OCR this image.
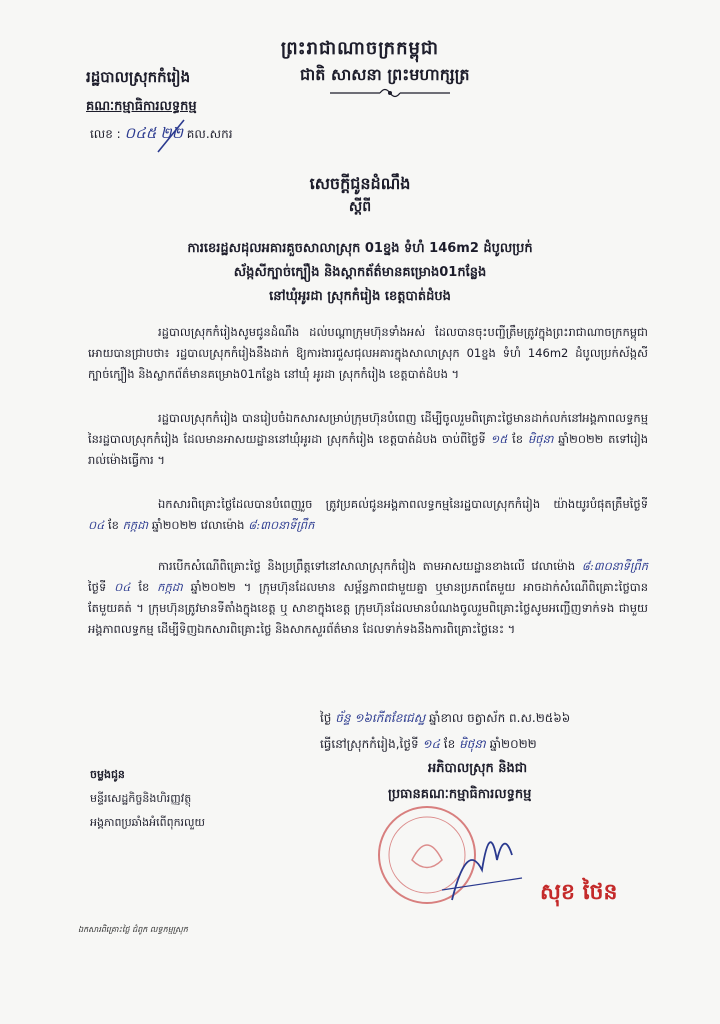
ព្រះរាជាណាចក្រកម្ពុជា
រដ្ឋបាលស្រុកកំរៀង	ជាតិ សាសនា ព្រះមហាក្សត្រ
គណៈកម្មាធិការលទ្ធកម្ម
លេខ : ០៤៥ ២២ គល.សករ
សេចក្តីជូនដំណឹង
ស្តីពី
ការខេរដ្ឋសដុលអគារគួចសាលាស្រុក 01ខ្នង ទំហំ 146m2 ដំបូលប្រក់
ស័ង្កសីក្បាច់ក្បឿង និងស្តាកត័ត៌មានគម្រោង01កន្លែង
នៅឃុំអូរដា ស្រុកកំរៀង ខេត្តបាត់ដំបង

រដ្ឋបាលស្រុកកំរៀងសូមជូនដំណឹង ដល់បណ្តាក្រុមហ៊ុនទាំងអស់ ដែលបានចុះបញ្ជីត្រឹមត្រូវក្នុងព្រះរាជាណាចក្រកម្ពុជាអោយបានជ្រាបថា៖ រដ្ឋបាលស្រុកកំរៀងនឹងដាក់ ឱ្យការងារជួសជុលអគារក្នុងសាលាស្រុក 01ខ្នង ទំហំ 146m2 ដំបូលប្រក់ស័ង្កសីក្បាច់ក្បឿង និងស្លាកព័ត៌មានគម្រោង01កន្លែង នៅឃុំ អូរដា ស្រុកកំរៀង ខេត្តបាត់ដំបង ។

រដ្ឋបាលស្រុកកំរៀង បានរៀបចំឯកសារសម្រាប់ក្រុមហ៊ុនបំពេញ ដើម្បីចូលរួមពិគ្រោះថ្លៃមានដាក់លក់នៅអង្គភាពលទ្ធកម្មនៃរដ្ឋបាលស្រុកកំរៀង ដែលមានអាសយដ្ឋាននៅឃុំអូរដា ស្រុកកំរៀង ខេត្តបាត់ដំបង ចាប់ពីថ្ងៃទី ១៥ ខែ មិថុនា ឆ្នាំ២០២២ តទៅរៀងរាល់ម៉ោងធ្វើការ ។

ឯកសារពិគ្រោះថ្លៃដែលបានបំពេញរួច ត្រូវប្រគល់ជូនអង្គភាពលទ្ធកម្មនៃរដ្ឋបាលស្រុកកំរៀង យ៉ាងយូរបំផុតត្រឹមថ្ងៃទី ០៤ ខែ កក្កដា ឆ្នាំ២០២២ វេលាម៉ោង ៨:៣០នាទីព្រឹក

ការបើកសំណើពិគ្រោះថ្លៃ និងប្រព្រឹត្តទៅនៅសាលាស្រុកកំរៀង តាមអាសយដ្ឋានខាងលើ វេលាម៉ោង ៨:៣០នាទីព្រឹក ថ្ងៃទី ០៤ ខែ កក្កដា ឆ្នាំ២០២២ ។ ក្រុមហ៊ុនដែលមាន សម្ព័ន្ធភាពជាមួយគ្នា ឬមានប្រភពតែមួយ អាចដាក់សំណើពិគ្រោះថ្លៃបានតែមួយគត់ ។ ក្រុមហ៊ុនត្រូវមានទីតាំងក្នុងខេត្ត ឬ សាខាក្នុងខេត្ត ក្រុមហ៊ុនដែលមានបំណងចូលរួមពិគ្រោះថ្លៃសូមអញ្ជើញទាក់ទង ជាមួយអង្គភាពលទ្ធកម្ម ដើម្បីទិញឯកសារពិគ្រោះថ្លៃ និងសាកសួរព័ត៌មាន ដែលទាក់ទងនឹងការពិគ្រោះថ្លៃនេះ ។

ថ្ងៃ ច័ន្ទ ១៦កើតខែជេស្ឋ ឆ្នាំខាល ចត្វាស័ក ព.ស.២៥៦៦
ធ្វើនៅស្រុកកំរៀង,ថ្ងៃទី ១៤ ខែ មិថុនា ឆ្នាំ២០២២
អភិបាលស្រុក និងជា
ប្រធានគណៈកម្មាធិការលទ្ធកម្ម
ចម្លងជូន
មន្ទីរសេដ្ឋកិច្ចនិងហិរញ្ញវត្ថុ
អង្គភាពប្រឆាំងអំពើពុករលួយ
សុខ ថៃន
ឯកសារពិគ្រោះថ្លៃ ជំពូក លទ្ធកម្មស្រុក
